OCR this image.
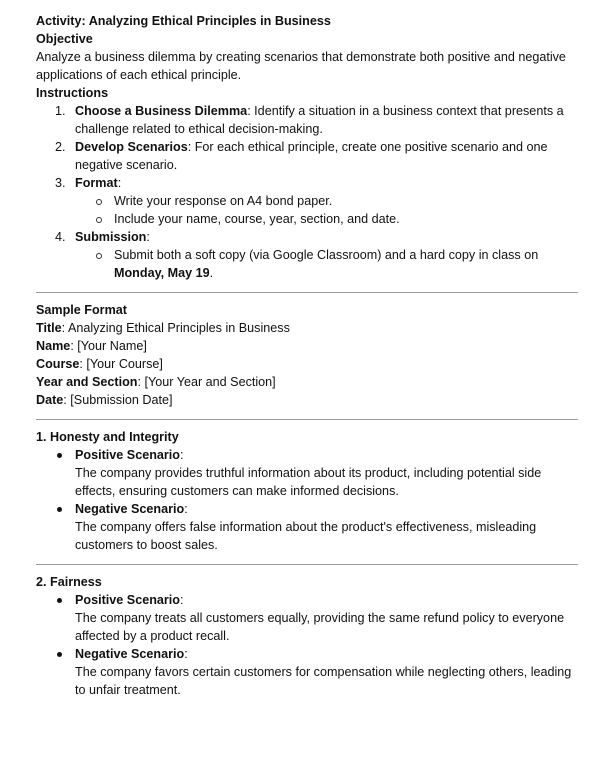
Activity: Analyzing Ethical Principles in Business
Objective
Analyze a business dilemma by creating scenarios that demonstrate both positive and negative applications of each ethical principle.
Instructions
1. Choose a Business Dilemma: Identify a situation in a business context that presents a challenge related to ethical decision-making.
2. Develop Scenarios: For each ethical principle, create one positive scenario and one negative scenario.
3. Format:
Write your response on A4 bond paper.
Include your name, course, year, section, and date.
4. Submission:
Submit both a soft copy (via Google Classroom) and a hard copy in class on Monday, May 19.
Sample Format
Title: Analyzing Ethical Principles in Business
Name: [Your Name]
Course: [Your Course]
Year and Section: [Your Year and Section]
Date: [Submission Date]
1. Honesty and Integrity
Positive Scenario:
The company provides truthful information about its product, including potential side effects, ensuring customers can make informed decisions.
Negative Scenario:
The company offers false information about the product's effectiveness, misleading customers to boost sales.
2. Fairness
Positive Scenario:
The company treats all customers equally, providing the same refund policy to everyone affected by a product recall.
Negative Scenario:
The company favors certain customers for compensation while neglecting others, leading to unfair treatment.
